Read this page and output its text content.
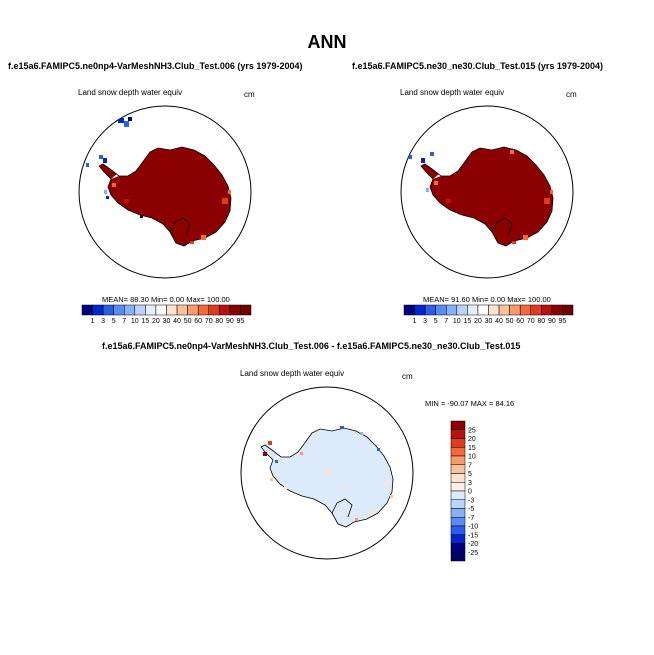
ANN
f.e15a6.FAMIPC5.ne0np4-VarMeshNH3.Club_Test.006 (yrs 1979-2004)
Land snow depth water equiv	cm
MEAN= 88.30 Min= 0.00 Max= 100.00
f.e15a6.FAMIPC5.ne30_ne30.Club_Test.015 (yrs 1979-2004)
Land snow depth water equiv	cm
MEAN= 91.60 Min= 0.00 Max= 100.00
f.e15a6.FAMIPC5.ne0np4-VarMeshNH3.Club_Test.006 - f.e15a6.FAMIPC5.ne30_ne30.Club_Test.015
Land snow depth water equiv	cm
MIN = -90.07 MAX = 84.16
1 3 5 7 10 15 20 30 40 50 60 70 80 90 95	1 3 5 7 10 15 20 30 40 50 60 70 80 90 95
25
20
15
10
7
5
3
0
-3
-5
-7
-10
-15
-20
-25
